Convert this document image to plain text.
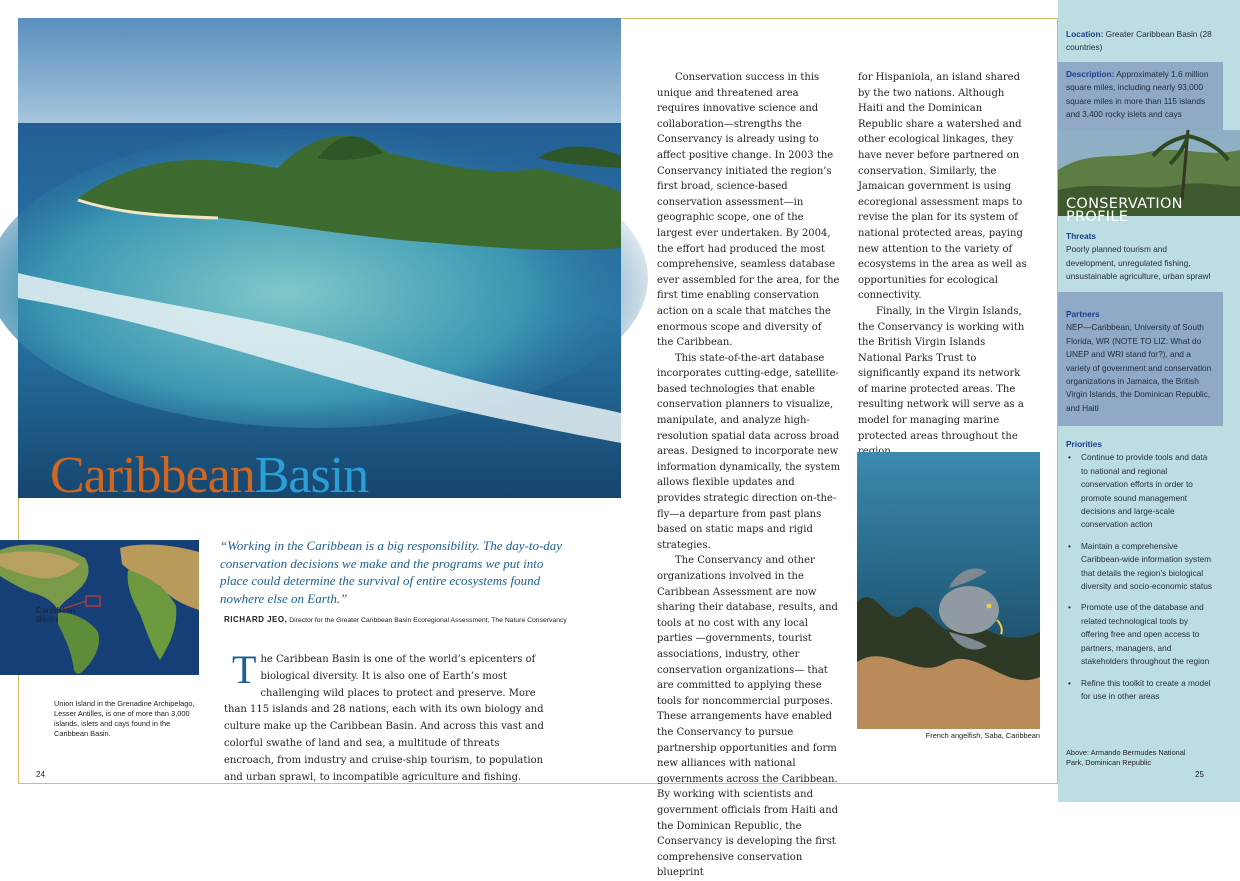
CaribbeanBasin
Caribbean
Basin
Union Island in the Grenadine Archipelago, Lesser Antilles, is one of more than 3,000 islands, islets and cays found in the Caribbean Basin.
24
“Working in the Caribbean is a big responsibility. The day-to-day conservation decisions we make and the programs we put into place could determine the survival of entire ecosystems found nowhere else on Earth.”
RICHARD JEO, Director for the Greater Caribbean Basin Ecoregional Assessment, The Nature Conservancy
The Caribbean Basin is one of the world’s epicenters of biological diversity. It is also one of Earth’s most challenging wild places to protect and preserve. More than 115 islands and 28 nations, each with its own biology and culture make up the Caribbean Basin. And across this vast and colorful swathe of land and sea, a multitude of threats encroach, from industry and cruise-ship tourism, to population and urban sprawl, to incompatible agriculture and fishing.

Conservation success in this unique and threatened area requires innovative science and collaboration—strengths the Conservancy is already using to affect positive change. In 2003 the Conservancy initiated the region’s first broad, science-based conservation assessment—in geographic scope, one of the largest ever undertaken. By 2004, the effort had produced the most comprehensive, seamless database ever assembled for the area, for the first time enabling conservation action on a scale that matches the enormous scope and diversity of the Caribbean.

This state-of-the-art database incorporates cutting-edge, satellite-based technologies that enable conservation planners to visualize, manipulate, and analyze high-resolution spatial data across broad areas. Designed to incorporate new information dynamically, the system allows flexible updates and provides strategic direction on-the-fly—a departure from past plans based on static maps and rigid strategies.

The Conservancy and other organizations involved in the Caribbean Assessment are now sharing their database, results, and tools at no cost with any local parties —governments, tourist associations, industry, other conservation organizations— that are committed to applying these tools for noncommercial purposes. These arrangements have enabled the Conservancy to pursue partnership opportunities and form new alliances with national governments across the Caribbean. By working with scientists and government officials from Haiti and the Dominican Republic, the Conservancy is developing the first comprehensive conservation blueprint

for Hispaniola, an island shared by the two nations. Although Haiti and the Dominican Republic share a watershed and other ecological linkages, they have never before partnered on conservation. Similarly, the Jamaican government is using ecoregional assessment maps to revise the plan for its system of national protected areas, paying new attention to the variety of ecosystems in the area as well as opportunities for ecological connectivity.

Finally, in the Virgin Islands, the Conservancy is working with the British Virgin Islands National Parks Trust to significantly expand its network of marine protected areas. The resulting network will serve as a model for managing marine protected areas throughout the

French angelfish, Saba, Caribbean
Location: Greater Caribbean Basin (28 countries)
Description: Approximately 1.6 million square miles, including nearly 93,000 square miles in more than 115 islands and 3,400 rocky islets and cays
CONSERVATION PROFILE
Threats
Poorly planned tourism and development, unregulated fishing, unsustainable agriculture, urban sprawl
Partners
NEP—Caribbean, University of South Florida, WR (NOTE TO LIZ: What do UNEP and WRI stand for?), and a variety of government and conservation organizations in Jamaica, the British Virgin Islands, the Dominican Republic, and Haiti
Priorities
• Continue to provide tools and data to national and regional conservation efforts in order to promote sound management decisions and large-scale conservation action
• Maintain a comprehensive Caribbean-wide information system that details the region’s biological diversity and socio-economic status
• Promote use of the database and related technological tools by offering free and open access to partners, managers, and stakeholders throughout the region
• Refine this toolkit to create a model for use in other areas
Above: Armando Bermudes National Park, Dominican Republic
25
